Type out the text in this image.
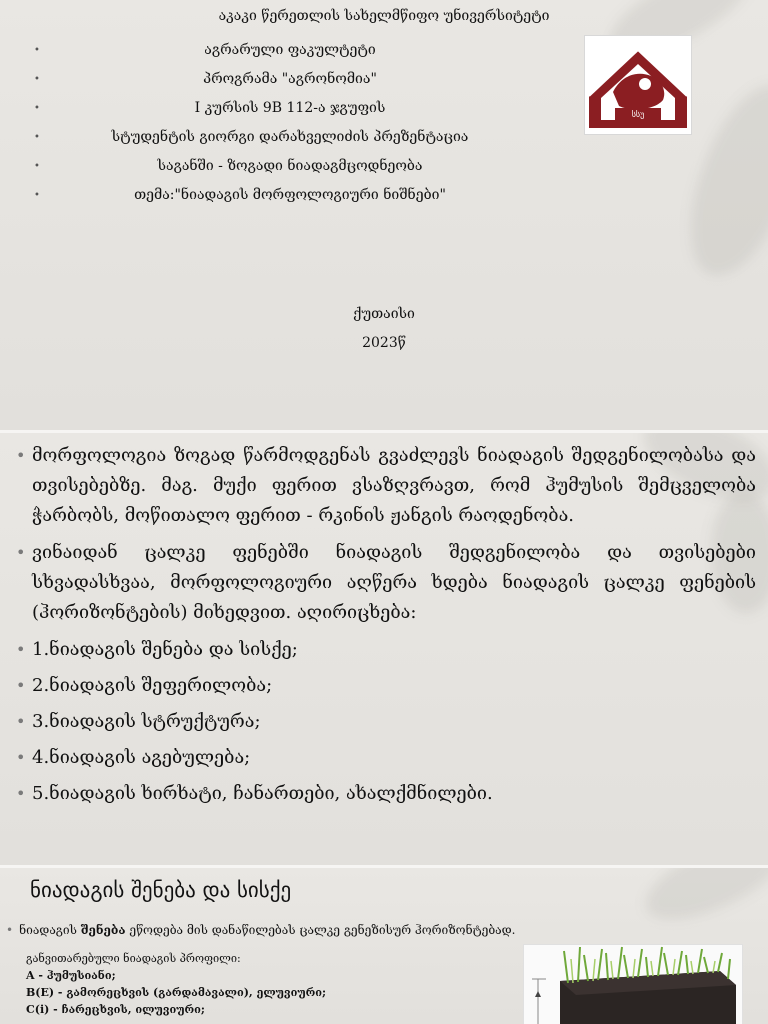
აკაკი წერეთლის სახელმწიფო უნივერსიტეტი
•	აგრარული ფაკულტეტი
•	პროგრამა "აგრონომია"
•	I კურსის 9B 112-ა ჯგუფის
•	სტუდენტის გიორგი დარახველიძის პრეზენტაცია
•	საგანში - ზოგადი ნიადაგმცოდნეობა
•	თემა:"ნიადაგის მორფოლოგიური ნიშნები"
სსუ
ქუთაისი
2023წ
• მორფოლოგია ზოგად წარმოდგენას გვაძლევს ნიადაგის შედგენილობასა და თვისებებზე. მაგ. მუქი ფერით ვსაზღვრავთ, რომ ჰუმუსის შემცველობა ჭარბობს, მოწითალო ფერით - რკინის ჟანგის რაოდენობა.
• ვინაიდან ცალკე ფენებში ნიადაგის შედგენილობა და თვისებები სხვადასხვაა, მორფოლოგიური აღწერა ხდება ნიადაგის ცალკე ფენების (ჰორიზონტების) მიხედვით. აღირიცხება:
• 1.ნიადაგის შენება და სისქე;
• 2.ნიადაგის შეფერილობა;
• 3.ნიადაგის სტრუქტურა;
• 4.ნიადაგის აგებულება;
• 5.ნიადაგის ხირხატი, ჩანართები, ახალქმნილები.
ნიადაგის შენება და სისქე
• ნიადაგის შენება ეწოდება მის დანაწილებას ცალკე გენეზისურ ჰორიზონტებად.
განვითარებული ნიადაგის პროფილი:
A - ჰუმუსიანი;
B(E) - გამორეცხვის (გარდამავალი), ელუვიური;
C(i) - ჩარეცხვის, ილუვიური;
